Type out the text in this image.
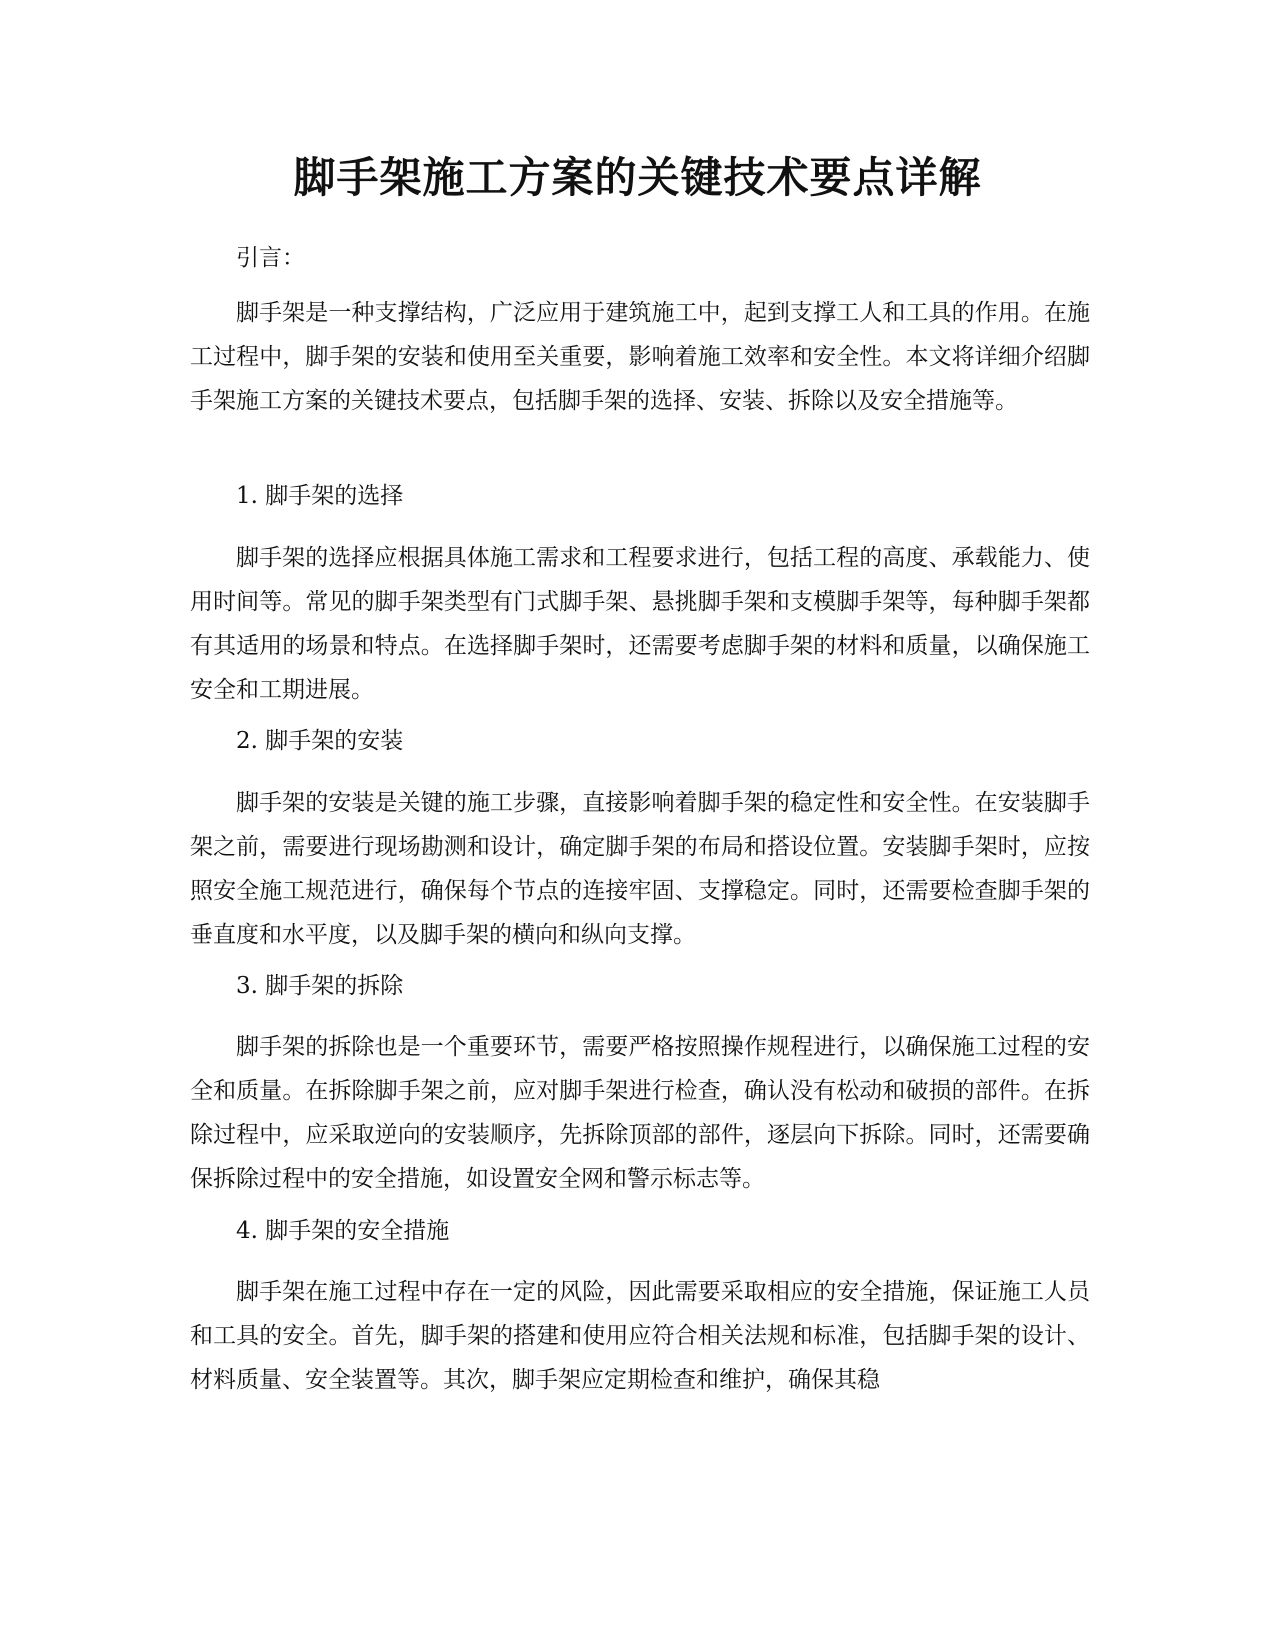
脚手架施工方案的关键技术要点详解

引言：

脚手架是一种支撑结构，广泛应用于建筑施工中，起到支撑工人和工具的作用。在施工过程中，脚手架的安装和使用至关重要，影响着施工效率和安全性。本文将详细介绍脚手架施工方案的关键技术要点，包括脚手架的选择、安装、拆除以及安全措施等。

1. 脚手架的选择

脚手架的选择应根据具体施工需求和工程要求进行，包括工程的高度、承载能力、使用时间等。常见的脚手架类型有门式脚手架、悬挑脚手架和支模脚手架等，每种脚手架都有其适用的场景和特点。在选择脚手架时，还需要考虑脚手架的材料和质量，以确保施工安全和工期进展。

2. 脚手架的安装

脚手架的安装是关键的施工步骤，直接影响着脚手架的稳定性和安全性。在安装脚手架之前，需要进行现场勘测和设计，确定脚手架的布局和搭设位置。安装脚手架时，应按照安全施工规范进行，确保每个节点的连接牢固、支撑稳定。同时，还需要检查脚手架的垂直度和水平度，以及脚手架的横向和纵向支撑。

3. 脚手架的拆除

脚手架的拆除也是一个重要环节，需要严格按照操作规程进行，以确保施工过程的安全和质量。在拆除脚手架之前，应对脚手架进行检查，确认没有松动和破损的部件。在拆除过程中，应采取逆向的安装顺序，先拆除顶部的部件，逐层向下拆除。同时，还需要确保拆除过程中的安全措施，如设置安全网和警示标志等。

4. 脚手架的安全措施

脚手架在施工过程中存在一定的风险，因此需要采取相应的安全措施，保证施工人员和工具的安全。首先，脚手架的搭建和使用应符合相关法规和标准，包括脚手架的设计、材料质量、安全装置等。其次，脚手架应定期检查和维护，确保其稳
